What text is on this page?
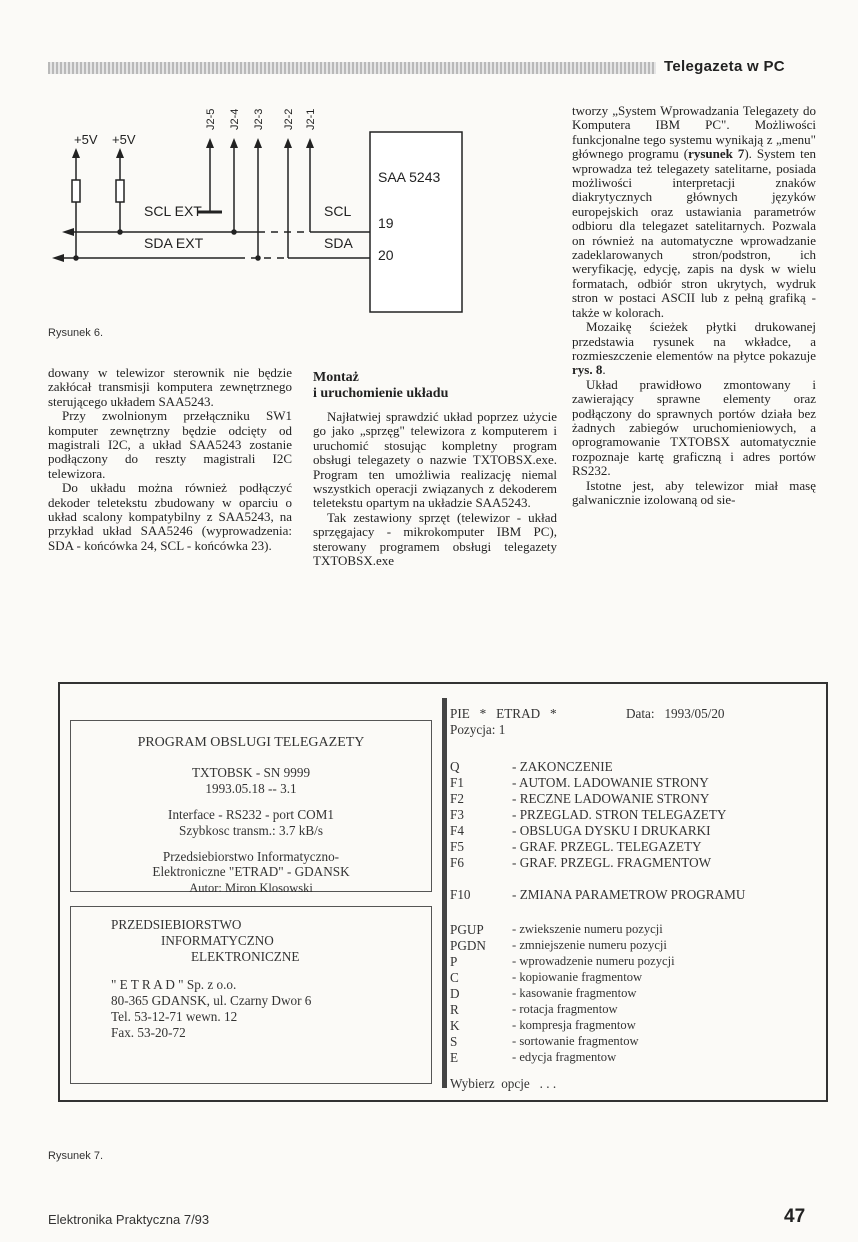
Telegazeta w PC
+5V +5V
J2-5 J2-4 J2-3 J2-2 J2-1
SCL EXT
SDA EXT
SCL
SDA
SAA 5243
19
20
Rysunek 6.

dowany w telewizor sterownik nie będzie zakłócał transmisji komputera zewnętrznego sterującego układem SAA5243.

Przy zwolnionym przełączniku SW1 komputer zewnętrzny będzie odcięty od magistrali I2C, a układ SAA5243 zostanie podłączony do reszty magistrali I2C telewizora.

Do układu można również podłączyć dekoder teletekstu zbudowany w oparciu o układ scalony kompatybilny z SAA5243, na przykład układ SAA5246 (wyprowadzenia: SDA - końcówka 24, SCL - końcówka 23).

Montaż
i uruchomienie układu

Najłatwiej sprawdzić układ poprzez użycie go jako „sprzęg" telewizora z komputerem i uruchomić stosując kompletny program obsługi telegazety o nazwie TXTOBSX.exe. Program ten umożliwia realizację niemal wszystkich operacji związanych z dekoderem teletekstu opartym na układzie SAA5243.

Tak zestawiony sprzęt (telewizor - układ sprzęgajacy - mikrokomputer IBM PC), sterowany programem obsługi telegazety TXTOBSX.exe

tworzy „System Wprowadzania Telegazety do Komputera IBM PC". Możliwości funkcjonalne tego systemu wynikają z „menu" głównego programu (rysunek 7). System ten wprowadza też telegazety satelitarne, posiada możliwości interpretacji znaków diakrytycznych głównych języków europejskich oraz ustawiania parametrów odbioru dla telegazet satelitarnych. Pozwala on również na automatyczne wprowadzanie zadeklarowanych stron/podstron, ich weryfikację, edycję, zapis na dysk w wielu formatach, odbiór stron ukrytych, wydruk stron w postaci ASCII lub z pełną grafiką - także w kolorach.

Mozaikę ścieżek płytki drukowanej przedstawia rysunek na wkładce, a rozmieszczenie elementów na płytce pokazuje rys. 8.

Układ prawidłowo zmontowany i zawierający sprawne elementy oraz podłączony do sprawnych portów działa bez żadnych zabiegów uruchomieniowych, a oprogramowanie TXTOBSX automatycznie rozpoznaje kartę graficzną i adres portów RS232.

Istotne jest, aby telewizor miał masę galwanicznie izolowaną od sie-

PROGRAM OBSLUGI TELEGAZETY
TXTOBSK - SN 9999
1993.05.18 -- 3.1
Interface - RS232 - port COM1
Szybkosc transm.: 3.7 kB/s
Przedsiebiorstwo Informatyczno-
Elektroniczne "ETRAD" - GDANSK
Autor: Miron Klosowski
PRZEDSIEBIORSTWO
INFORMATYCZNO
ELEKTRONICZNE
" E T R A D " Sp. z o.o.
80-365 GDANSK, ul. Czarny Dwor 6
Tel. 53-12-71 wewn. 12
Fax. 53-20-72
PIE   *   ETRAD   *	Data:   1993/05/20
Pozycja: 1
Q	- ZAKONCZENIE
F1	- AUTOM. LADOWANIE STRONY
F2	- RECZNE LADOWANIE STRONY
F3	- PRZEGLAD. STRON TELEGAZETY
F4	- OBSLUGA DYSKU I DRUKARKI
F5	- GRAF. PRZEGL. TELEGAZETY
F6	- GRAF. PRZEGL. FRAGMENTOW
F10	- ZMIANA PARAMETROW PROGRAMU
PGUP - zwiekszenie numeru pozycji
PGDN - zmniejszenie numeru pozycji
P	- wprowadzenie numeru pozycji
C	- kopiowanie fragmentow
D	- kasowanie fragmentow
R	- rotacja fragmentow
K	- kompresja fragmentow
S	- sortowanie fragmentow
E	- edycja fragmentow
Wybierz  opcje   . . .
Rysunek 7.
Elektronika Praktyczna 7/93	47
